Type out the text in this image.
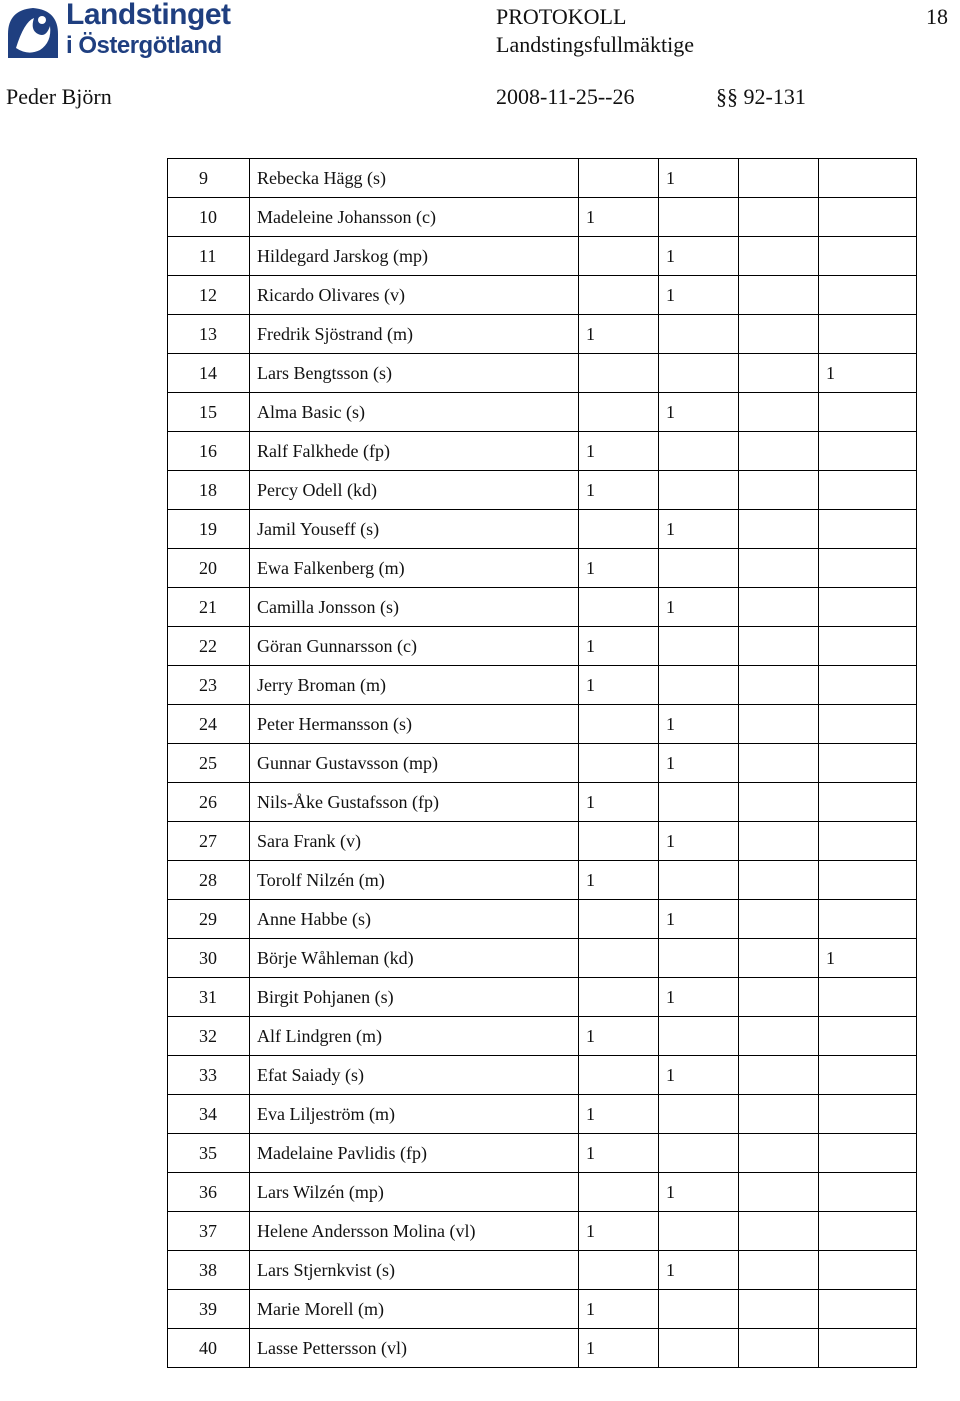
Landstinget
i Östergötland
PROTOKOLL
Landstingsfullmäktige
18
Peder Björn	2008-11-25--26	§§ 92-131
9	Rebecka Hägg (s)		1		
10	Madeleine Johansson (c)	1			
11	Hildegard Jarskog (mp)		1		
12	Ricardo Olivares (v)		1		
13	Fredrik Sjöstrand (m)	1			
14	Lars Bengtsson (s)				1
15	Alma Basic (s)		1		
16	Ralf Falkhede (fp)	1			
18	Percy Odell (kd)	1			
19	Jamil Youseff (s)		1		
20	Ewa Falkenberg (m)	1			
21	Camilla Jonsson (s)		1		
22	Göran Gunnarsson (c)	1			
23	Jerry Broman (m)	1			
24	Peter Hermansson (s)		1		
25	Gunnar Gustavsson (mp)		1		
26	Nils-Åke Gustafsson (fp)	1			
27	Sara Frank (v)		1		
28	Torolf Nilzén (m)	1			
29	Anne Habbe (s)		1		
30	Börje Wåhleman (kd)				1
31	Birgit Pohjanen (s)		1		
32	Alf Lindgren (m)	1			
33	Efat Saiady (s)		1		
34	Eva Liljeström (m)	1			
35	Madelaine Pavlidis (fp)	1			
36	Lars Wilzén (mp)		1		
37	Helene Andersson Molina (vl)	1			
38	Lars Stjernkvist (s)		1		
39	Marie Morell (m)	1			
40	Lasse Pettersson (vl)	1			
